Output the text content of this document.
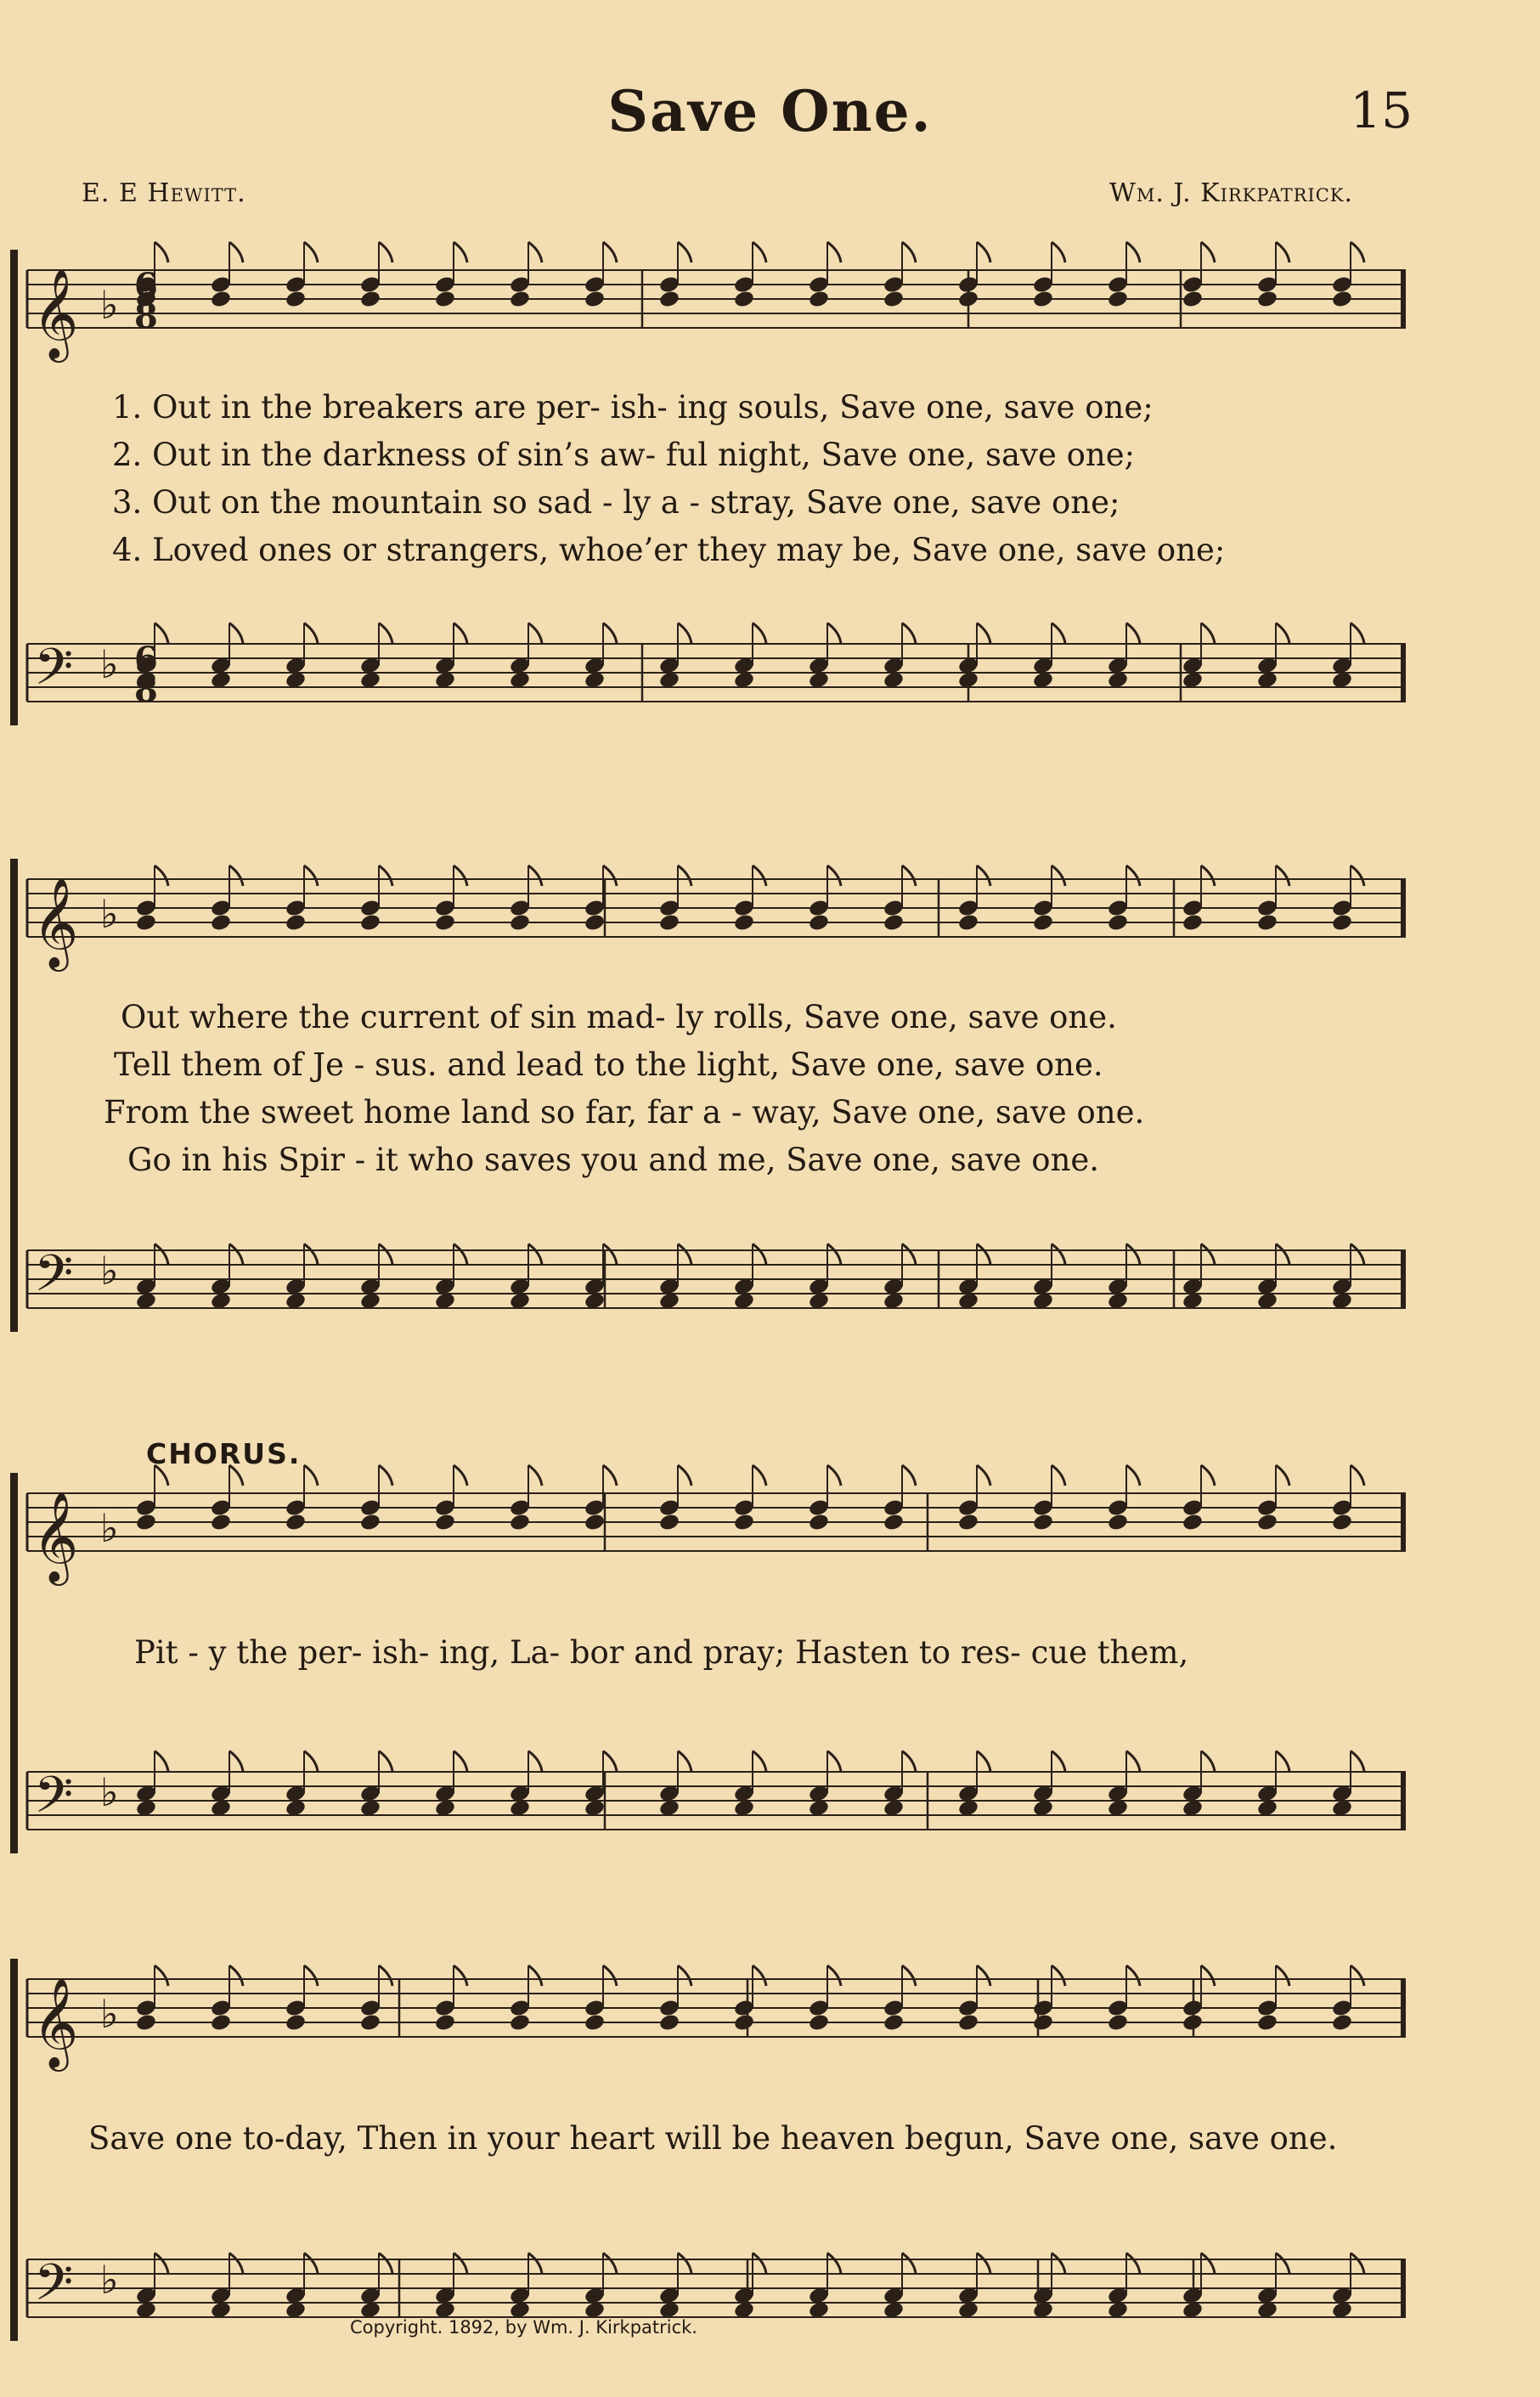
Save One.	15
E. E Hewitt.	Wm. J. Kirkpatrick.
𝄞 ♭ 6
8
𝄢 ♭ 6
8
𝄞 ♭
𝄢 ♭
𝄞 ♭
𝄢 ♭
𝄞 ♭
𝄢 ♭
1. Out in the breakers are per- ish- ing souls, Save one, save one;
2. Out in the darkness of sin’s aw- ful night, Save one, save one;
3. Out on the mountain so sad - ly a - stray, Save one, save one;
4. Loved ones or strangers, whoe’er they may be, Save one, save one;
Out where the current of sin mad- ly rolls, Save one, save one.
Tell them of Je - sus. and lead to the light, Save one, save one.
From the sweet home land so far, far a - way, Save one, save one.
Go in his Spir - it who saves you and me, Save one, save one.
CHORUS.
Pit - y the per- ish- ing, La- bor and pray; Hasten to res- cue them,
Save one to-day, Then in your heart will be heaven begun, Save one, save one.
Copyright. 1892, by Wm. J. Kirkpatrick.
